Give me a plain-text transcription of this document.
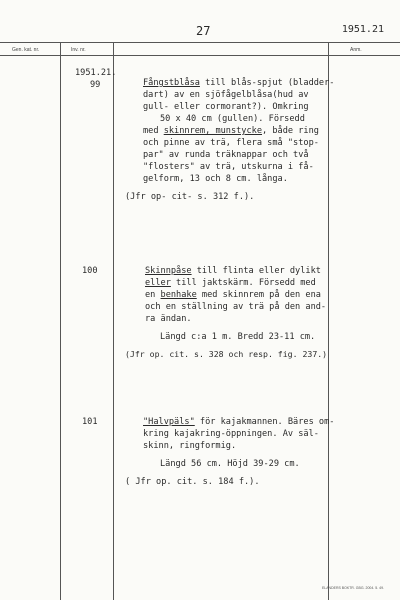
27	1951.21
Gen. kat. nr.	Inv. nr.	Anm.
1951.21.
99	Fångstblåsa till blås-spjut (bladder-
dart) av en sjöfågelblåsa(hud av
gull- eller cormorant?). Omkring
50 x 40 cm (gullen). Försedd
med skinnrem, munstycke, både ring
och pinne av trä, flera små "stop-
par" av runda träknappar och två
"flosters" av trä, utskurna i få-
gelform, 13 och 8 cm. långa.
(Jfr op- cit- s. 312 f.).
100	Skinnpåse till flinta eller dylikt
eller till jaktskärm. Försedd med
en benhake med skinnrem på den ena
och en ställning av trä på den and-
ra ändan.
Längd c:a 1 m. Bredd 23-11 cm.
(Jfr op. cit. s. 328 och resp. fig. 237.)
101	"Halvpäls" för kajakmannen. Bäres om-
kring kajakring-öppningen. Av säl-
skinn, ringformig.
Längd 56 cm. Höjd 39-29 cm.
( Jfr op. cit. s. 184 f.).
ELANDERS BOKTR. GBG. 2004. 5. 49.
